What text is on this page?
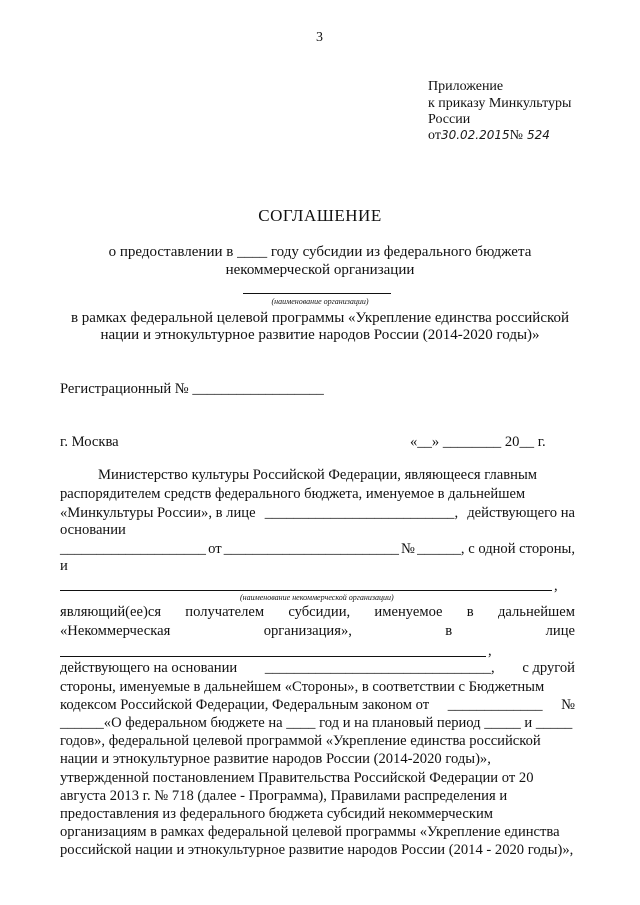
3
Приложение
к приказу Минкультуры
России
от30.02.2015№ 524
СОГЛАШЕНИЕ
о предоставлении в ____ году субсидии из федерального бюджета
некоммерческой организации
(наименование организации)
в рамках федеральной целевой программы «Укрепление единства российской
нации и этнокультурное развитие народов России (2014-2020 годы)»
Регистрационный № __________________
г. Москва	«__» ________ 20__ г.
Министерство культуры Российской Федерации, являющееся главным
распорядителем средств федерального бюджета, именуемое в дальнейшем
«Минкультуры России», в лице __________________________, действующего на
основании
____________________ от ________________________ № ______, с одной стороны,
и
,
(наименование некоммерческой организации)
являющий(ее)ся получателем субсидии, именуемое в дальнейшем
«Некоммерческая	организация»,	в	лице
,
действующего на основании _______________________________, с другой
стороны, именуемые в дальнейшем «Стороны», в соответствии с Бюджетным
кодексом Российской Федерации, Федеральным законом от _____________ №
______«О федеральном бюджете на ____ год и на плановый период _____ и _____
годов», федеральной целевой программой «Укрепление единства российской
нации и этнокультурное развитие народов России (2014-2020 годы)»,
утвержденной постановлением Правительства Российской Федерации от 20
августа 2013 г. № 718 (далее - Программа), Правилами распределения и
предоставления из федерального бюджета субсидий некоммерческим
организациям в рамках федеральной целевой программы «Укрепление единства
российской нации и этнокультурное развитие народов России (2014 - 2020 годы)»,
